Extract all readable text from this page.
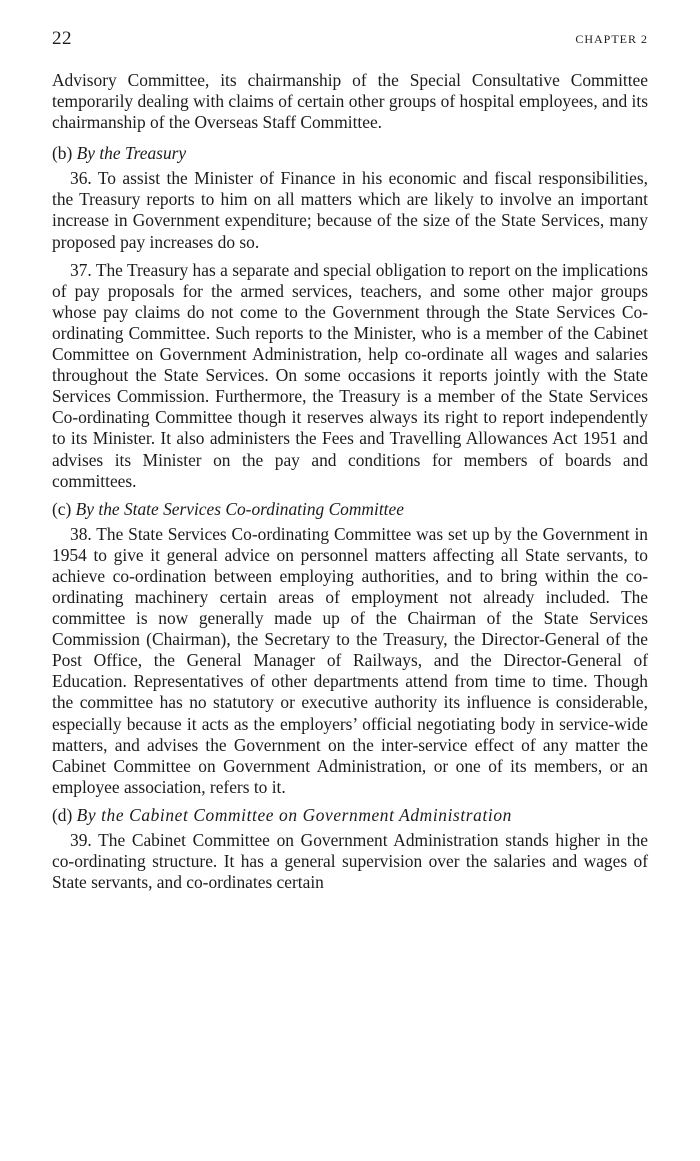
22	CHAPTER 2

Advisory Committee, its chairmanship of the Special Consultative Committee temporarily dealing with claims of certain other groups of hospital employees, and its chairmanship of the Overseas Staff Committee.

(b) By the Treasury

36. To assist the Minister of Finance in his economic and fiscal responsibilities, the Treasury reports to him on all matters which are likely to involve an important increase in Government expenditure; because of the size of the State Services, many proposed pay increases do so.

37. The Treasury has a separate and special obligation to report on the implications of pay proposals for the armed services, teachers, and some other major groups whose pay claims do not come to the Government through the State Services Co-ordinating Committee. Such reports to the Minister, who is a member of the Cabinet Committee on Government Administration, help co-ordinate all wages and salaries throughout the State Services. On some occasions it reports jointly with the State Services Commission. Furthermore, the Treasury is a member of the State Services Co-ordinating Committee though it reserves always its right to report independently to its Minister. It also administers the Fees and Travelling Allowances Act 1951 and advises its Minister on the pay and conditions for members of boards and committees.

(c) By the State Services Co-ordinating Committee

38. The State Services Co-ordinating Committee was set up by the Government in 1954 to give it general advice on personnel matters affecting all State servants, to achieve co-ordination between employing authorities, and to bring within the co-ordinating machinery certain areas of employment not already included. The committee is now generally made up of the Chairman of the State Services Commission (Chairman), the Secretary to the Treasury, the Director-General of the Post Office, the General Manager of Railways, and the Director-General of Education. Representatives of other departments attend from time to time. Though the committee has no statutory or executive authority its influence is considerable, especially because it acts as the employers’ official negotiating body in service-wide matters, and advises the Government on the inter-service effect of any matter the Cabinet Committee on Government Administration, or one of its members, or an employee association, refers to it.

(d) By the Cabinet Committee on Government Administration

39. The Cabinet Committee on Government Administration stands higher in the co-ordinating structure. It has a general supervision over the salaries and wages of State servants, and co-ordinates certain
